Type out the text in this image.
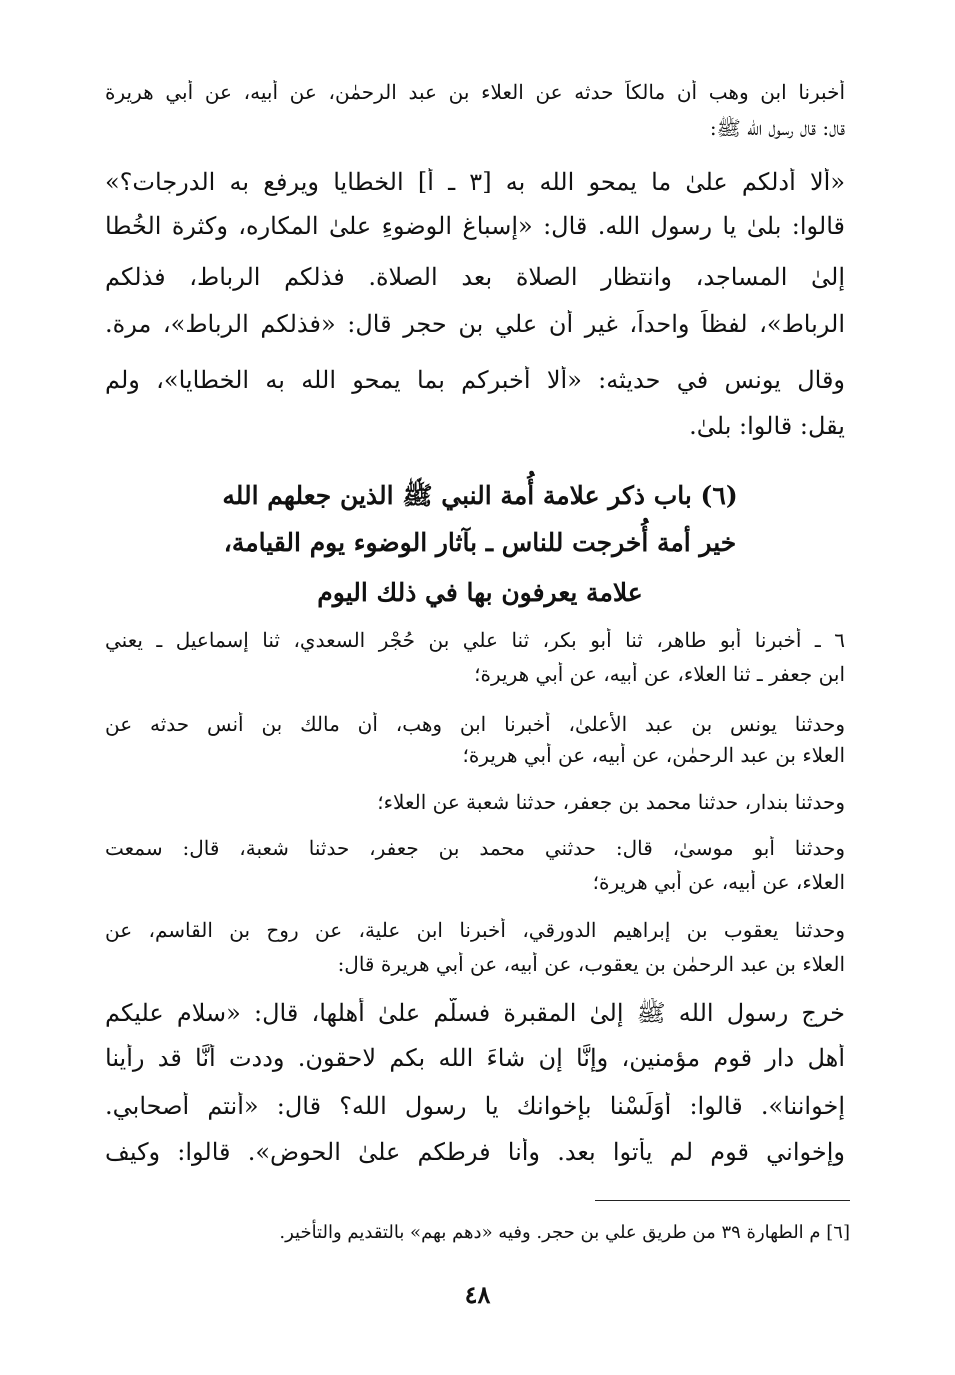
أخبرنا ابن وهب أن مالكاً حدثه عن العلاء بن عبد الرحمٰن، عن أبيه، عن أبي هريرة
قال: قال رسول الله ﷺ:
«ألا أدلكم علىٰ ما يمحو الله به [٣ ـ أ] الخطايا ويرفع به الدرجات؟»
قالوا: بلىٰ يا رسول الله. قال: «إسباغ الوضوءِ علىٰ المكاره، وكثرة الخُطا
إلىٰ المساجد، وانتظار الصلاة بعد الصلاة. فذلكم الرباط، فذلكم
الرباط»، لفظاً واحداً، غير أن علي بن حجر قال: «فذلكم الرباط»، مرة.
وقال يونس في حديثه: «ألا أُخبركم بما يمحو الله به الخطايا»، ولم
يقل: قالوا: بلىٰ.
(٦) باب ذكر علامة أُمة النبي ﷺ الذين جعلهم الله
خير أمة أُخرجت للناس ـ بآثار الوضوء يوم القيامة،
علامة يعرفون بها في ذلك اليوم
٦ ـ أخبرنا أبو طاهر، ثنا أبو بكر، ثنا علي بن حُجْر السعدي، ثنا إسماعيل ـ يعني
ابن جعفر ـ ثنا العلاء، عن أبيه، عن أبي هريرة؛
وحدثنا يونس بن عبد الأعلىٰ، أخبرنا ابن وهب، أن مالك بن أنس حدثه عن
العلاء بن عبد الرحمٰن، عن أبيه، عن أبي هريرة؛
وحدثنا بندار، حدثنا محمد بن جعفر، حدثنا شعبة عن العلاء؛
وحدثنا أبو موسىٰ، قال: حدثني محمد بن جعفر، حدثنا شعبة، قال: سمعت
العلاء، عن أبيه، عن أبي هريرة؛
وحدثنا يعقوب بن إبراهيم الدورقي، أخبرنا ابن علية، عن روح بن القاسم، عن
العلاء بن عبد الرحمٰن بن يعقوب، عن أبيه، عن أبي هريرة قال:
خرج رسول الله ﷺ إلىٰ المقبرة فسلَّم علىٰ أهلها، قال: «سلام عليكم
أهل دار قوم مؤمنين، وإنَّا إن شاءَ الله بكم لاحقون. وددت أنَّا قد رأينا
إخواننا». قالوا: أوَلَسْنا بإخوانك يا رسول الله؟ قال: «أنتم أصحابي.
وإخواني قوم لم يأتوا بعد. وأنا فرطكم علىٰ الحوض». قالوا: وكيف
[٦] م الطهارة ٣٩ من طريق علي بن حجر. وفيه «دهم بهم» بالتقديم والتأخير.
٤٨
